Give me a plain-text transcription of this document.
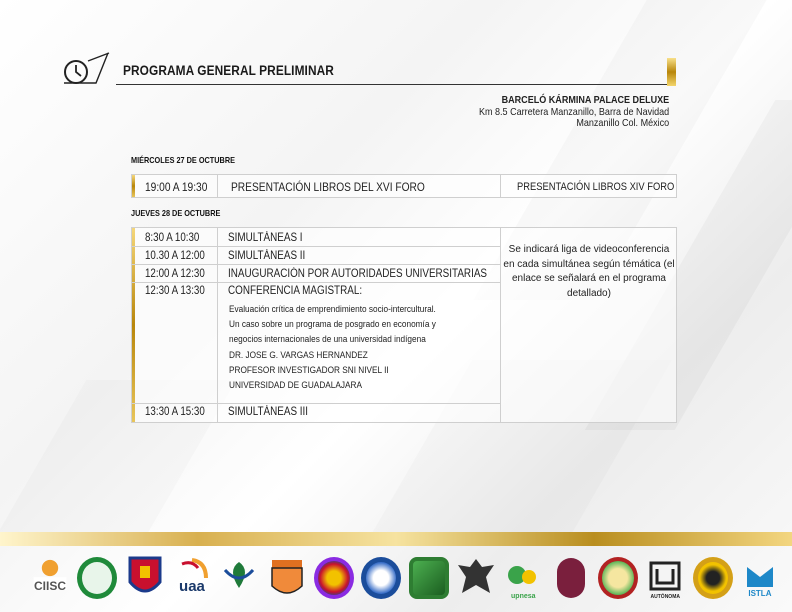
PROGRAMA GENERAL PRELIMINAR
BARCELÓ KÁRMINA PALACE DELUXE
Km 8.5 Carretera Manzanillo, Barra de Navidad
Manzanillo Col. México
MIÉRCOLES 27 DE OCTUBRE
19:00 A 19:30 PRESENTACIÓN LIBROS DEL XVI FORO	PRESENTACIÓN LIBROS XIV FORO
JUEVES 28 DE OCTUBRE
8:30 A 10:30 SIMULTÁNEAS I
10.30 A 12:00 SIMULTÁNEAS II
12:00 A 12:30 INAUGURACIÓN POR AUTORIDADES UNIVERSITARIAS
12:30 A 13:30 CONFERENCIA MAGISTRAL:
Evaluación crítica de emprendimiento socio-intercultural.
Un caso sobre un programa de posgrado en economía y
negocios internacionales de una universidad indígena
DR. JOSE G. VARGAS HERNANDEZ
PROFESOR INVESTIGADOR SNI NIVEL II
UNIVERSIDAD DE GUADALAJARA
13:30 A 15:30 SIMULTÁNEAS III
Se indicará liga de videoconferencia en cada simultánea según témática (el enlace se señalará en el programa detallado)
CIISC	uaa
upnesa	AUTÓNOMA	ISTLA
